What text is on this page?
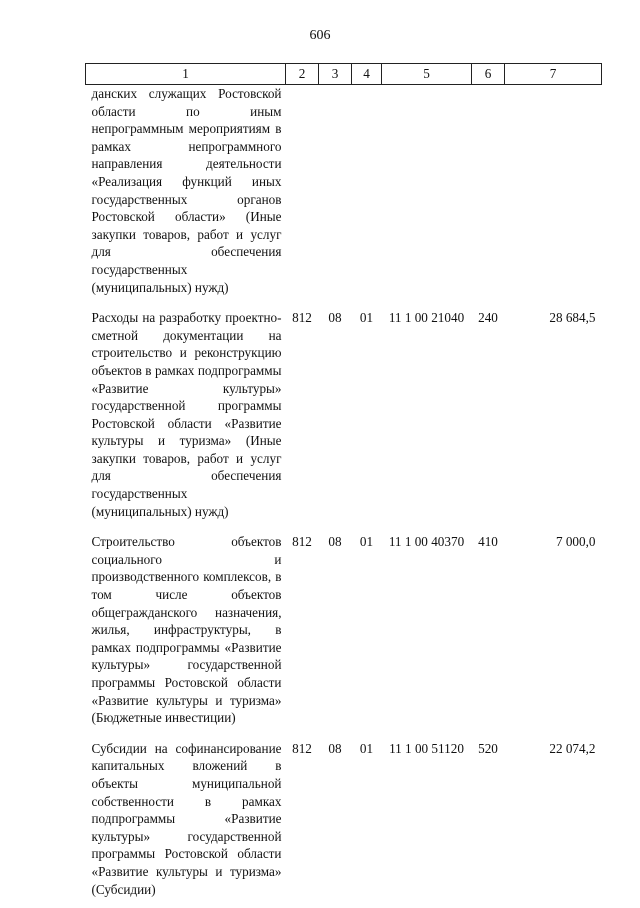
606
1	2	3	4	5	6	7
данских служащих Ростовской области по иным непрограммным мероприятиям в рамках непрограммного направления деятельности «Реализация функций иных государственных органов Ростовской области» (Иные закупки товаров, работ и услуг для обеспечения государственных (муниципальных) нужд)						
Расходы на разработку проектно-сметной документации на строительство и реконструкцию объектов в рамках подпрограммы «Развитие культуры» государственной программы Ростовской области «Развитие культуры и туризма» (Иные закупки товаров, работ и услуг для обеспечения государственных (муниципальных) нужд)	812	08	01	11 1 00 21040	240	28 684,5
Строительство объектов социального и производственного комплексов, в том числе объектов общегражданского назначения, жилья, инфраструктуры, в рамках подпрограммы «Развитие культуры» государственной программы Ростовской области «Развитие культуры и туризма» (Бюджетные инвестиции)	812	08	01	11 1 00 40370	410	7 000,0
Субсидии на софинансирование капитальных вложений в объекты муниципальной собственности в рамках подпрограммы «Развитие культуры» государственной программы Ростовской области «Развитие культуры и туризма» (Субсидии)	812	08	01	11 1 00 51120	520	22 074,2
